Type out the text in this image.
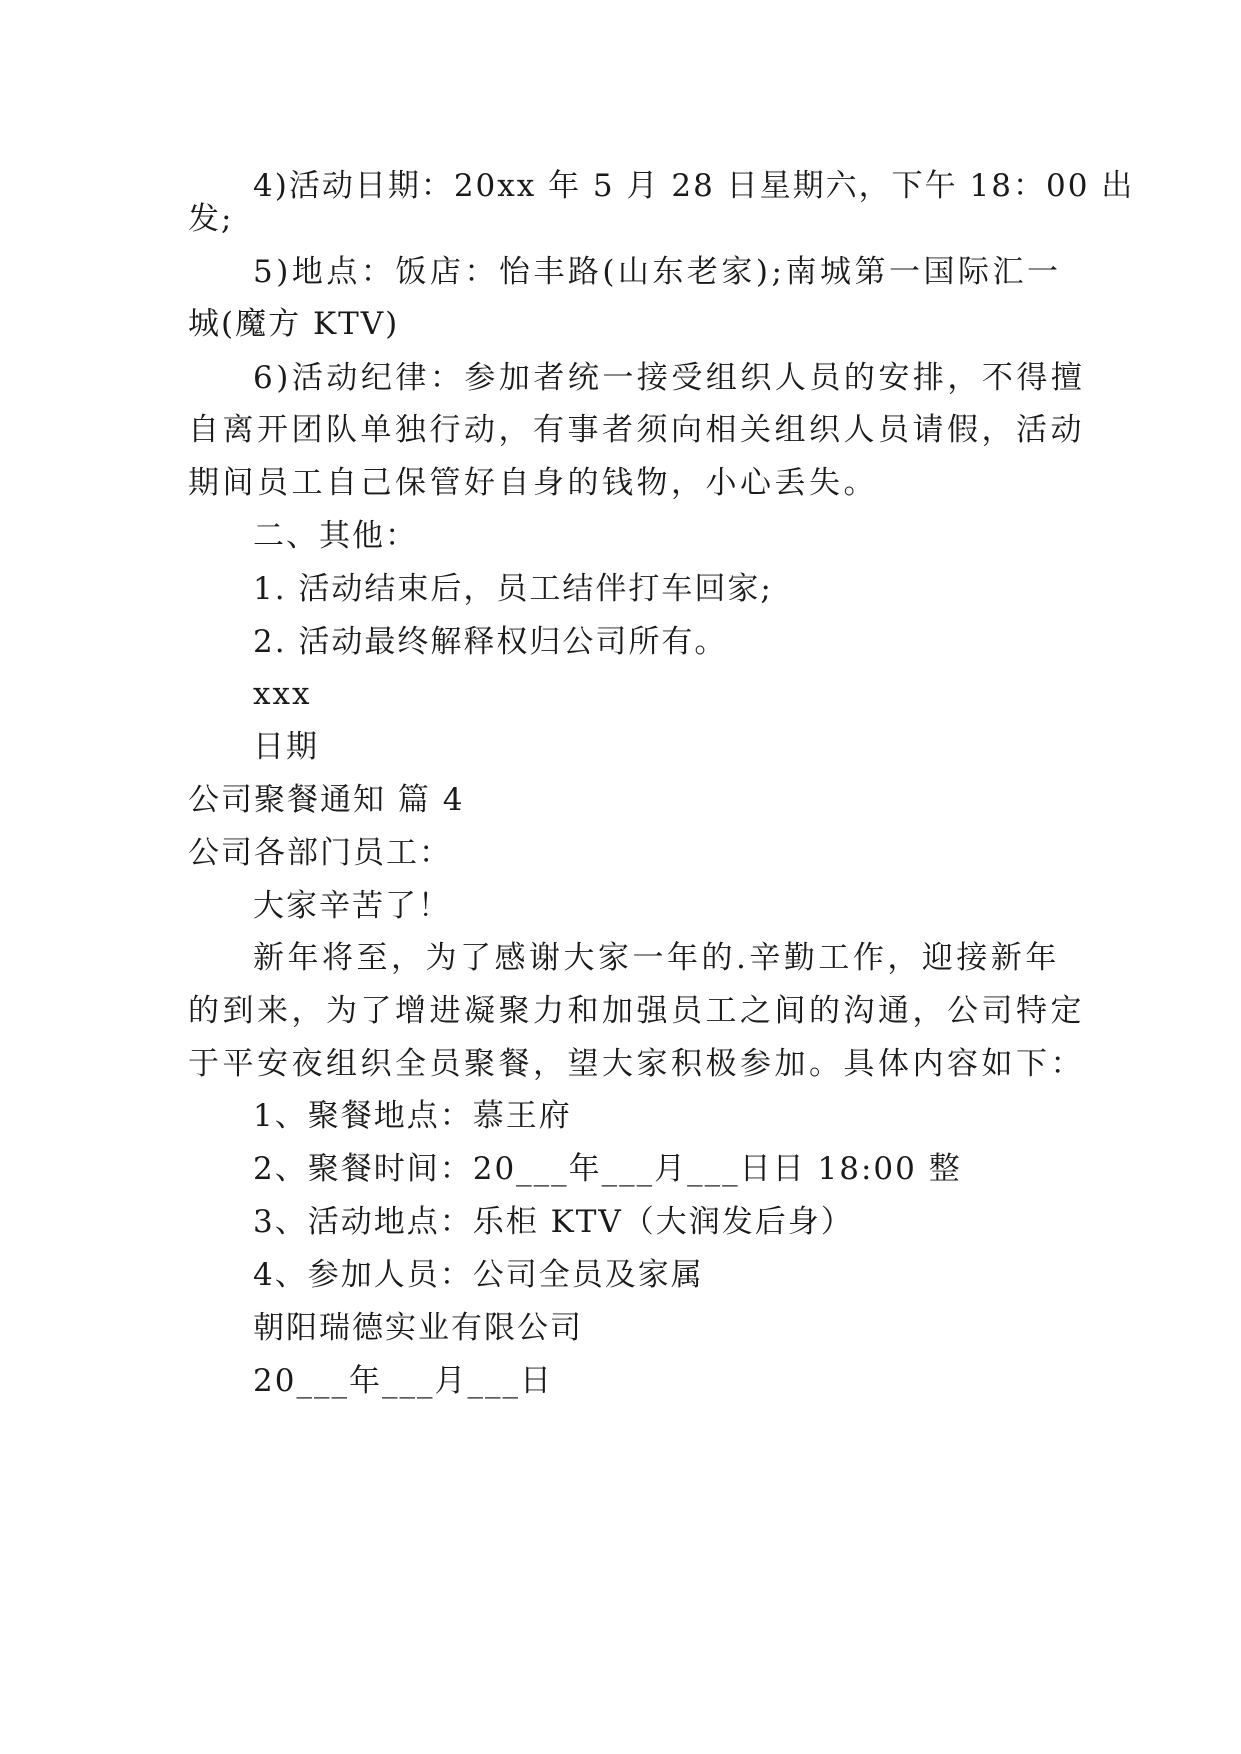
4)活动日期：20xx 年 5 月 28 日星期六，下午 18：00 出
发;
5)地点：饭店：怡丰路(山东老家);南城第一国际汇一
城(魔方 KTV)
6)活动纪律：参加者统一接受组织人员的安排，不得擅
自离开团队单独行动，有事者须向相关组织人员请假，活动
期间员工自己保管好自身的钱物，小心丢失。
二、其他：
1. 活动结束后，员工结伴打车回家;
2. 活动最终解释权归公司所有。
xxx
日期
公司聚餐通知 篇 4
公司各部门员工：
大家辛苦了！
新年将至，为了感谢大家一年的.辛勤工作，迎接新年
的到来，为了增进凝聚力和加强员工之间的沟通，公司特定
于平安夜组织全员聚餐，望大家积极参加。具体内容如下：
1、聚餐地点：慕王府
2、聚餐时间：20___年___月___日日 18:00 整
3、活动地点：乐柜 KTV（大润发后身）
4、参加人员：公司全员及家属
朝阳瑞德实业有限公司
20___年___月___日
